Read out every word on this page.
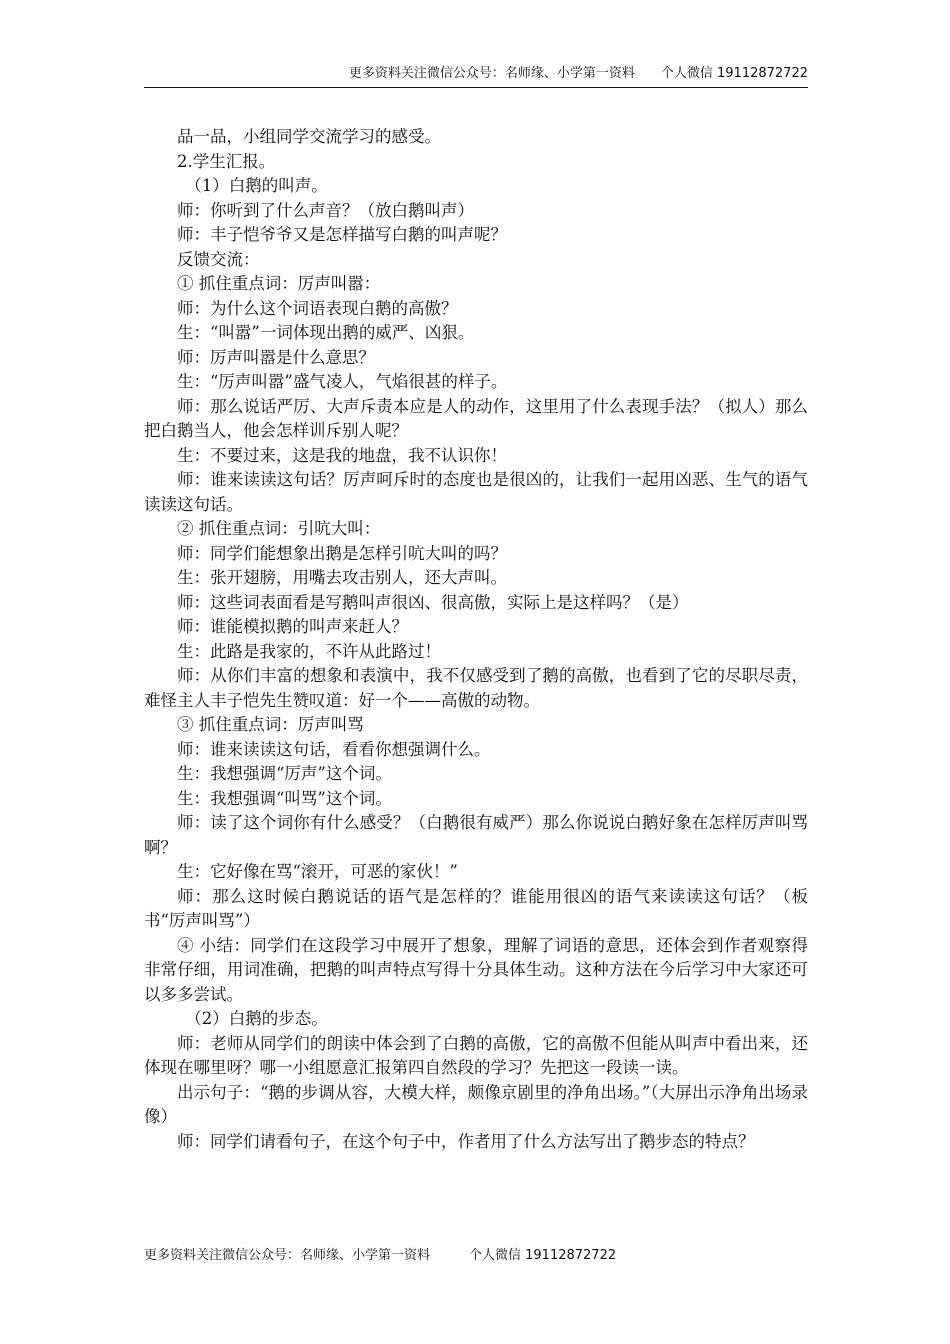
更多资料关注微信公众号：名师缘、小学第一资料　　个人微信 19112872722

品一品，小组同学交流学习的感受。

2.学生汇报。

（1）白鹅的叫声。

师：你听到了什么声音？（放白鹅叫声）

师：丰子恺爷爷又是怎样描写白鹅的叫声呢？

反馈交流：

① 抓住重点词：厉声叫嚣：

师：为什么这个词语表现白鹅的高傲？

生：“叫嚣”一词体现出鹅的威严、凶狠。

师：厉声叫嚣是什么意思？

生：“厉声叫嚣”盛气凌人，气焰很甚的样子。

师：那么说话严厉、大声斥责本应是人的动作，这里用了什么表现手法？（拟人）那么把白鹅当人，他会怎样训斥别人呢？

生：不要过来，这是我的地盘，我不认识你！

师：谁来读读这句话？厉声呵斥时的态度也是很凶的，让我们一起用凶恶、生气的语气读读这句话。

② 抓住重点词：引吭大叫：

师：同学们能想象出鹅是怎样引吭大叫的吗？

生：张开翅膀，用嘴去攻击别人，还大声叫。

师：这些词表面看是写鹅叫声很凶、很高傲，实际上是这样吗？（是）

师：谁能模拟鹅的叫声来赶人？

生：此路是我家的，不许从此路过！

师：从你们丰富的想象和表演中，我不仅感受到了鹅的高傲，也看到了它的尽职尽责，难怪主人丰子恺先生赞叹道：好一个——高傲的动物。

③ 抓住重点词：厉声叫骂

师：谁来读读这句话，看看你想强调什么。

生：我想强调“厉声”这个词。

生：我想强调“叫骂”这个词。

师：读了这个词你有什么感受？（白鹅很有威严）那么你说说白鹅好象在怎样厉声叫骂啊？

生：它好像在骂“滚开，可恶的家伙！”

师：那么这时候白鹅说话的语气是怎样的？谁能用很凶的语气来读读这句话？（板书“厉声叫骂”）

④ 小结：同学们在这段学习中展开了想象，理解了词语的意思，还体会到作者观察得非常仔细，用词准确，把鹅的叫声特点写得十分具体生动。这种方法在今后学习中大家还可以多多尝试。

（2）白鹅的步态。

师：老师从同学们的朗读中体会到了白鹅的高傲，它的高傲不但能从叫声中看出来，还体现在哪里呀？哪一小组愿意汇报第四自然段的学习？先把这一段读一读。

出示句子：“鹅的步调从容，大模大样，颇像京剧里的净角出场。”（大屏出示净角出场录像）

师：同学们请看句子，在这个句子中，作者用了什么方法写出了鹅步态的特点？

更多资料关注微信公众号：名师缘、小学第一资料　　　个人微信 19112872722
